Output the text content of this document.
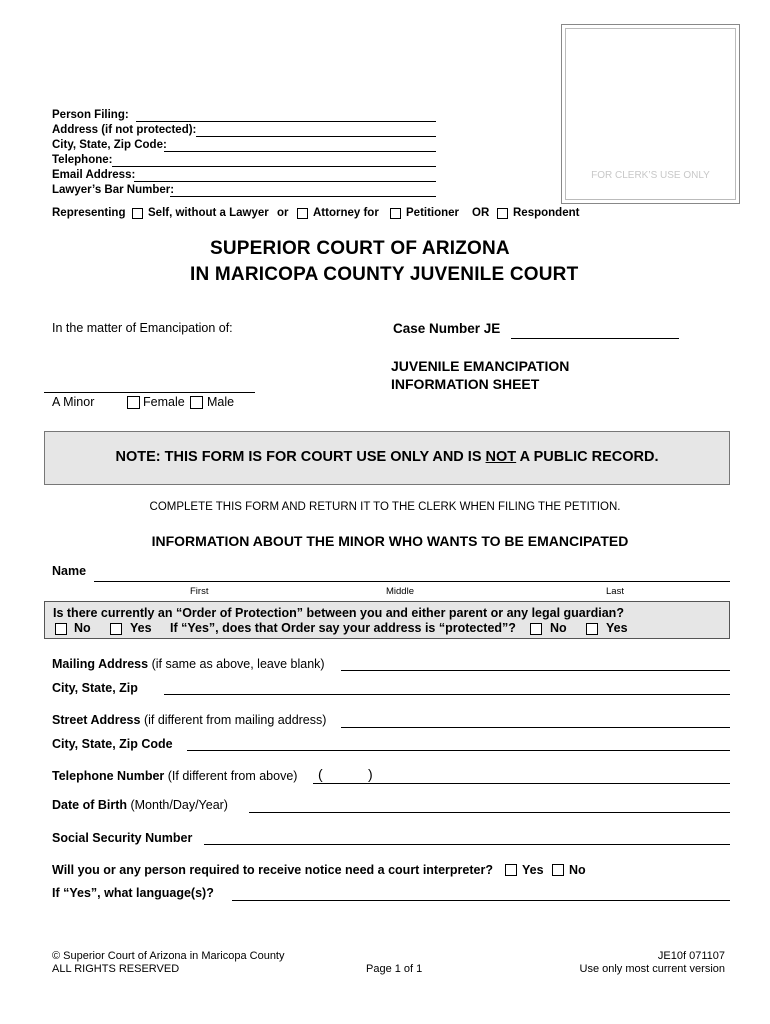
FOR CLERK’S USE ONLY
Person Filing:
Address (if not protected):
City, State, Zip Code:
Telephone:
Email Address:
Lawyer’s Bar Number:
Representing Self, without a Lawyer or Attorney for Petitioner OR Respondent
SUPERIOR COURT OF ARIZONA
IN MARICOPA COUNTY JUVENILE COURT
In the matter of Emancipation of:	Case Number JE
JUVENILE EMANCIPATION
INFORMATION SHEET
A Minor	Female Male
NOTE: THIS FORM IS FOR COURT USE ONLY AND IS NOT A PUBLIC RECORD.
COMPLETE THIS FORM AND RETURN IT TO THE CLERK WHEN FILING THE PETITION.
INFORMATION ABOUT THE MINOR WHO WANTS TO BE EMANCIPATED
Name
First	Middle	Last
Is there currently an “Order of Protection” between you and either parent or any legal guardian?
No	Yes If “Yes”, does that Order say your address is “protected”?	No	Yes
Mailing Address (if same as above, leave blank)
City, State, Zip
Street Address (if different from mailing address)
City, State, Zip Code
Telephone Number (If different from above) (	)
Date of Birth (Month/Day/Year)
Social Security Number
Will you or any person required to receive notice need a court interpreter? Yes No
If “Yes”, what language(s)?
© Superior Court of Arizona in Maricopa County
ALL RIGHTS RESERVED	Page 1 of 1
JE10f 071107
Use only most current version
